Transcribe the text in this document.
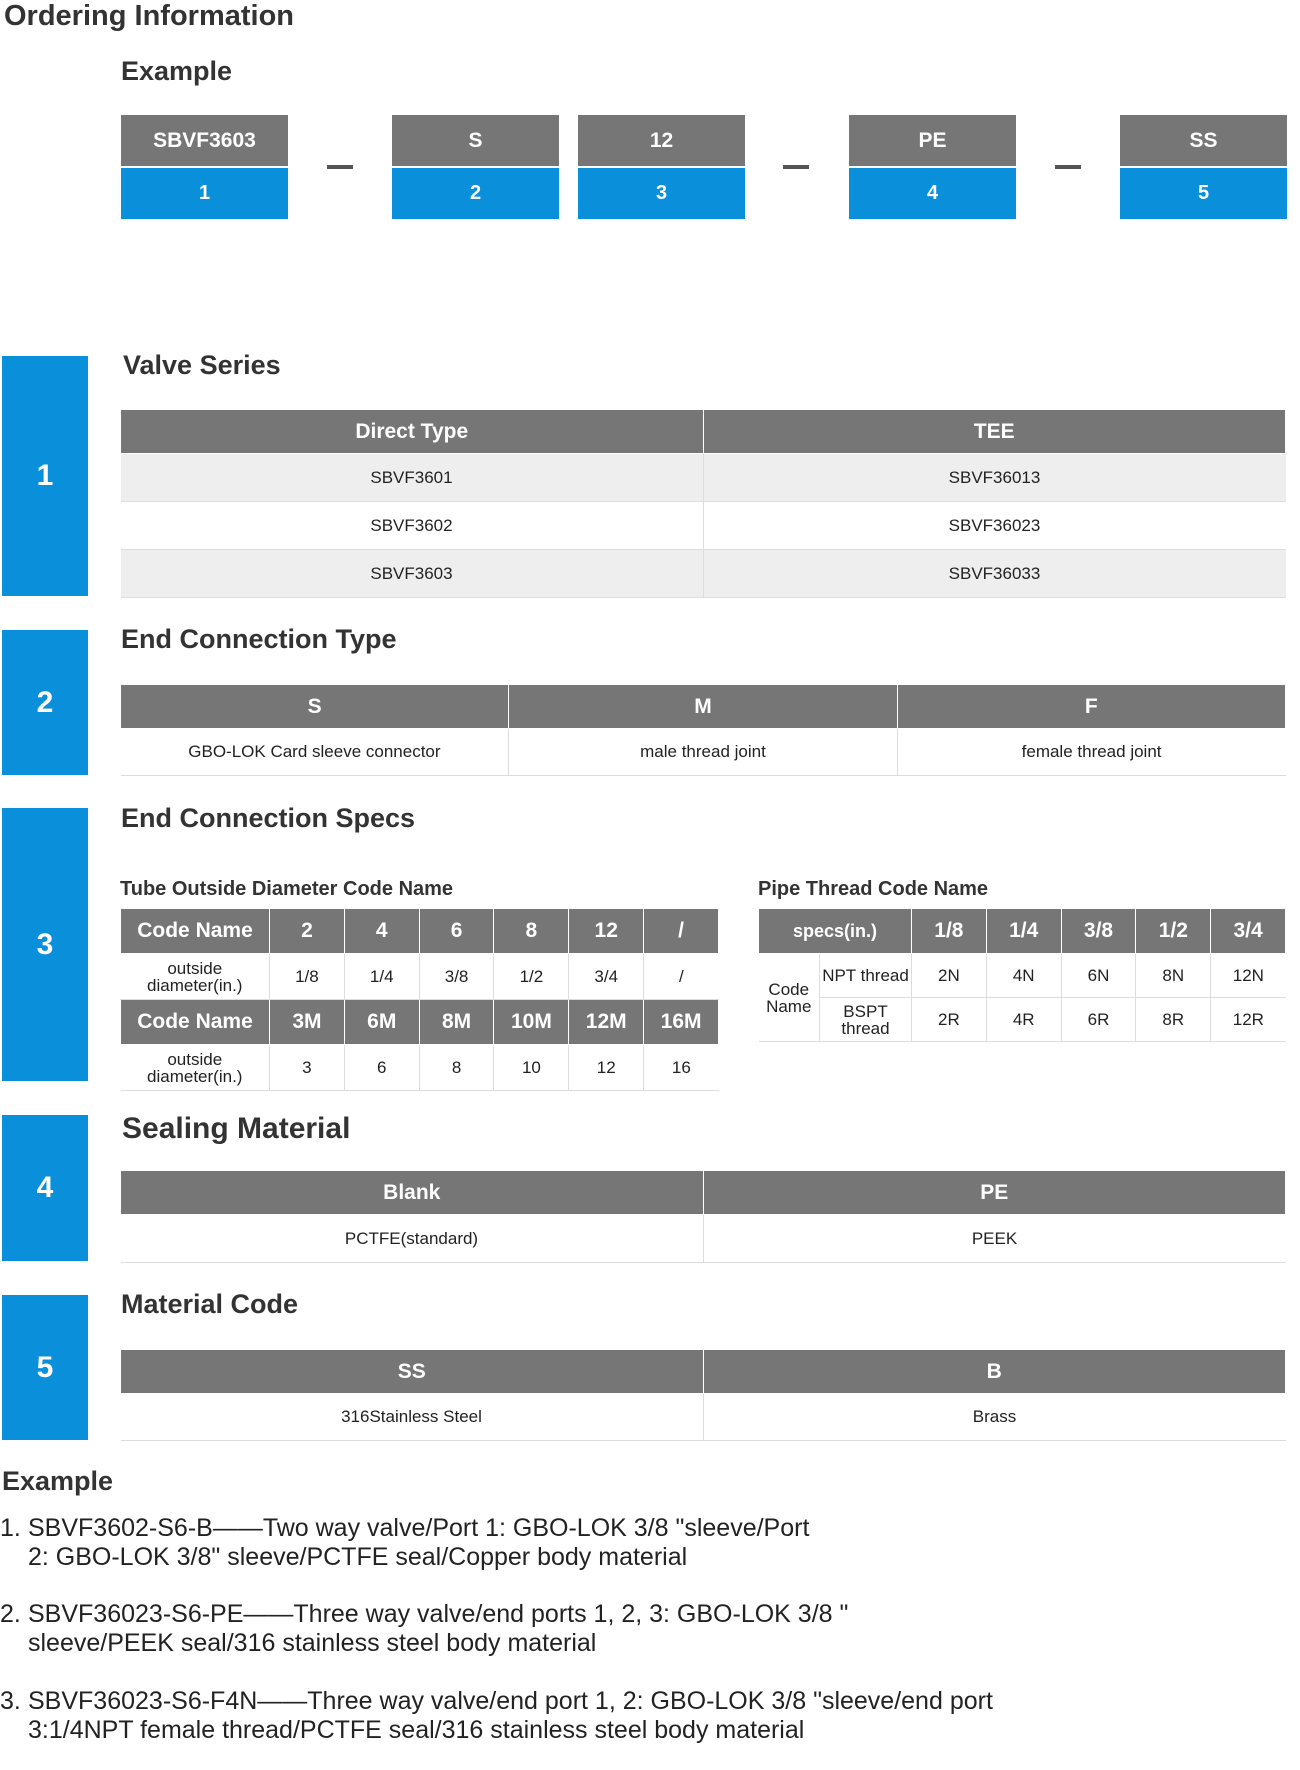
Ordering Information
Example
SBVF3603
1
S
2
12
3
PE
4
SS
5
1
Valve Series
Direct Type	TEE
SBVF3601	SBVF36013
SBVF3602	SBVF36023
SBVF3603	SBVF36033
2
End Connection Type
S	M	F
GBO-LOK Card sleeve connector	male thread joint	female thread joint
3
End Connection Specs
Tube Outside Diameter Code Name
Code Name	2	4	6	8	12	/
outside diameter(in.)	1/8	1/4	3/8	1/2	3/4	/
Code Name	3M	6M	8M	10M	12M	16M
outside diameter(in.)	3	6	8	10	12	16
Pipe Thread Code Name
specs(in.)		1/8	1/4	3/8	1/2	3/4
Code Name	NPT thread	2N	4N	6N	8N	12N
	BSPT thread	2R	4R	6R	8R	12R
4
Sealing Material
Blank	PE
PCTFE(standard)	PEEK
5
Material Code
SS	B
316Stainless Steel	Brass
Example
1. SBVF3602-S6-B——Two way valve/Port 1: GBO-LOK 3/8 "sleeve/Port
2: GBO-LOK 3/8" sleeve/PCTFE seal/Copper body material
2. SBVF36023-S6-PE——Three way valve/end ports 1, 2, 3: GBO-LOK 3/8 "
sleeve/PEEK seal/316 stainless steel body material
3. SBVF36023-S6-F4N——Three way valve/end port 1, 2: GBO-LOK 3/8 "sleeve/end port
3:1/4NPT female thread/PCTFE seal/316 stainless steel body material
